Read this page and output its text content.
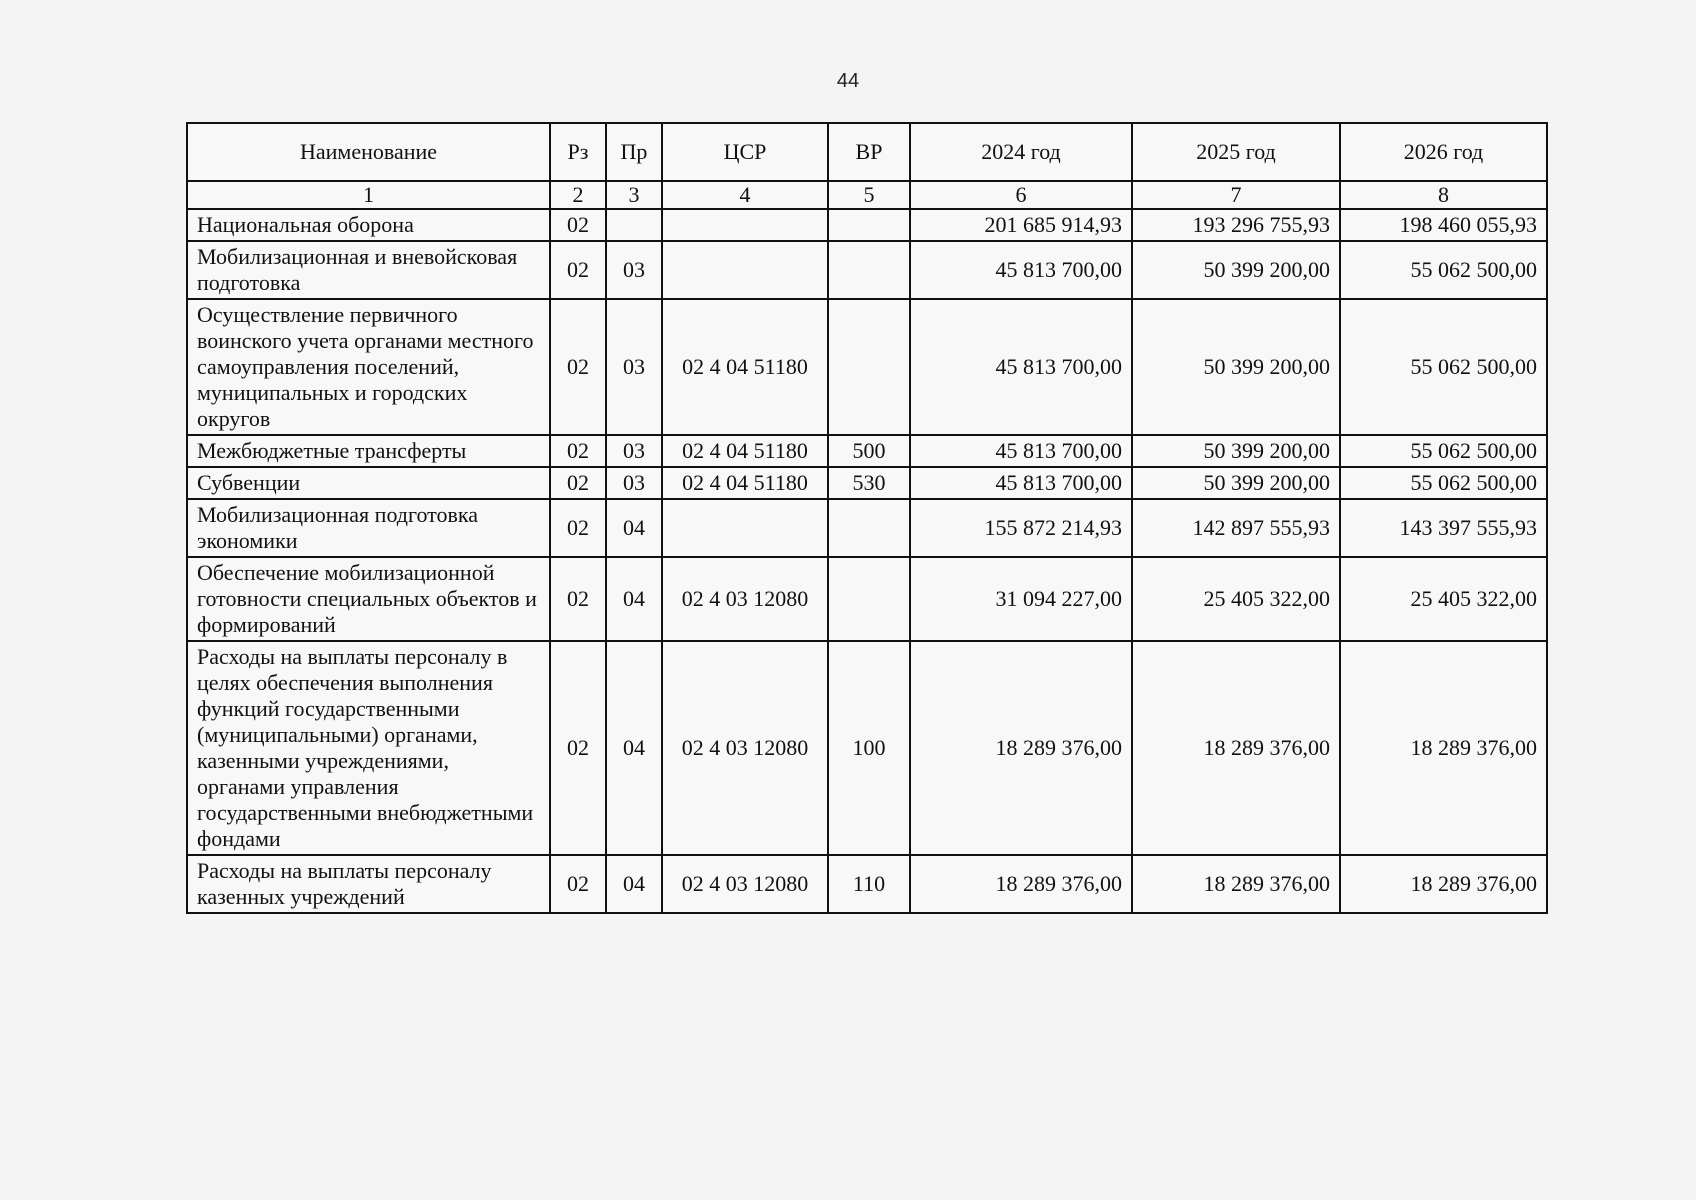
44
Наименование	Рз	Пр	ЦСР	ВР	2024 год	2025 год	2026 год
1	2	3	4	5	6	7	8
Национальная оборона	02				201 685 914,93	193 296 755,93	198 460 055,93
Мобилизационная и вневойсковая подготовка	02	03			45 813 700,00	50 399 200,00	55 062 500,00
Осуществление первичного воинского учета органами местного самоуправления поселений, муниципальных и городских округов	02	03	02 4 04 51180		45 813 700,00	50 399 200,00	55 062 500,00
Межбюджетные трансферты	02	03	02 4 04 51180	500	45 813 700,00	50 399 200,00	55 062 500,00
Субвенции	02	03	02 4 04 51180	530	45 813 700,00	50 399 200,00	55 062 500,00
Мобилизационная подготовка экономики	02	04			155 872 214,93	142 897 555,93	143 397 555,93
Обеспечение мобилизационной готовности специальных объектов и формирований	02	04	02 4 03 12080		31 094 227,00	25 405 322,00	25 405 322,00
Расходы на выплаты персоналу в целях обеспечения выполнения функций государственными (муниципальными) органами, казенными учреждениями, органами управления государственными внебюджетными фондами	02	04	02 4 03 12080	100	18 289 376,00	18 289 376,00	18 289 376,00
Расходы на выплаты персоналу казенных учреждений	02	04	02 4 03 12080	110	18 289 376,00	18 289 376,00	18 289 376,00
